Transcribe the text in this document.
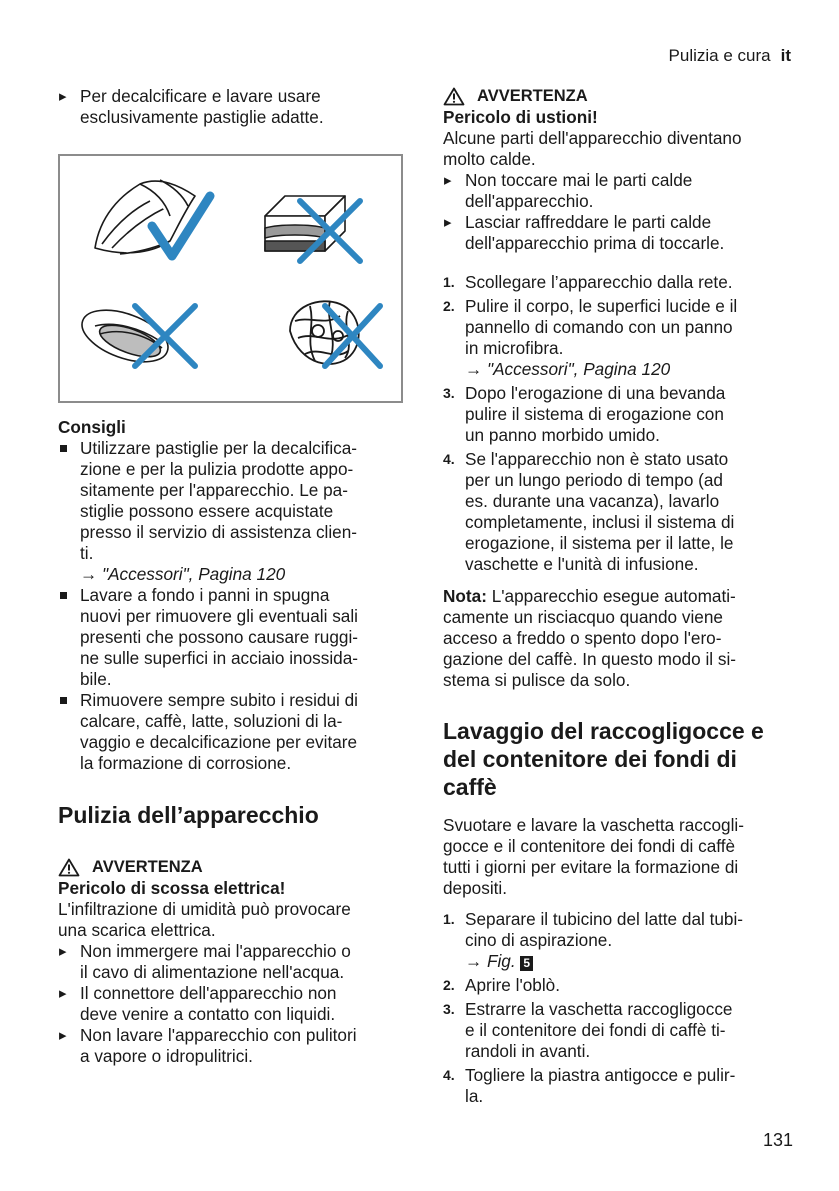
Pulizia e cura it

▸ Per decalcificare e lavare usare esclusivamente pastiglie adatte.

Consigli

Utilizzare pastiglie per la decalcifica-
zione e per la pulizia prodotte appo-
sitamente per l'apparecchio. Le pa-
stiglie possono essere acquistate
presso il servizio di assistenza clien-
ti.
→ "Accessori", Pagina 120
Lavare a fondo i panni in spugna
nuovi per rimuovere gli eventuali sali
presenti che possono causare ruggi-
ne sulle superfici in acciaio inossida-
bile.
Rimuovere sempre subito i residui di
calcare, caffè, latte, soluzioni di la-
vaggio e decalcificazione per evitare
la formazione di corrosione.
Pulizia dell’apparecchio

AVVERTENZA

Pericolo di scossa elettrica!

L'infiltrazione di umidità può provocare
una scarica elettrica.
▸ Non immergere mai l'apparecchio o
il cavo di alimentazione nell'acqua.
▸ Il connettore dell'apparecchio non
deve venire a contatto con liquidi.
▸ Non lavare l'apparecchio con pulitori
a vapore o idropulitrici.

AVVERTENZA

Pericolo di ustioni!

Alcune parti dell'apparecchio diventano
molto calde.
▸ Non toccare mai le parti calde
dell'apparecchio.
▸ Lasciar raffreddare le parti calde
dell'apparecchio prima di toccarle.
1. Scollegare l’apparecchio dalla rete.
2. Pulire il corpo, le superfici lucide e il
pannello di comando con un panno
in microfibra.
→ "Accessori", Pagina 120
3. Dopo l'erogazione di una bevanda
pulire il sistema di erogazione con
un panno morbido umido.
4. Se l'apparecchio non è stato usato
per un lungo periodo di tempo (ad
es. durante una vacanza), lavarlo
completamente, inclusi il sistema di
erogazione, il sistema per il latte, le
vaschette e l'unità di infusione.
Nota: L'apparecchio esegue automati-
camente un risciacquo quando viene
acceso a freddo o spento dopo l'ero-
gazione del caffè. In questo modo il si-
stema si pulisce da solo.
Lavaggio del raccogligocce e
del contenitore dei fondi di
caffè
Svuotare e lavare la vaschetta raccogli-
gocce e il contenitore dei fondi di caffè
tutti i giorni per evitare la formazione di
depositi.
1. Separare il tubicino del latte dal tubi-
cino di aspirazione.
→ Fig. 5
2. Aprire l'oblò.
3. Estrarre la vaschetta raccogligocce
e il contenitore dei fondi di caffè ti-
randoli in avanti.
4. Togliere la piastra antigocce e pulir-
la.
131
